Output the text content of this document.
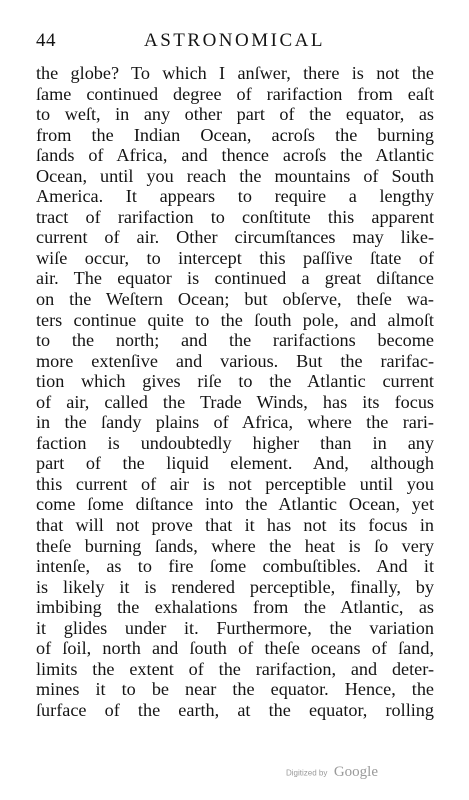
44	ASTRONOMICAL
the globe? To which I anſwer, there is not the
ſame continued degree of rarifaction from eaſt
to weſt, in any other part of the equator, as
from the Indian Ocean, acroſs the burning
ſands of Africa, and thence acroſs the Atlantic
Ocean, until you reach the mountains of South
America. It appears to require a lengthy
tract of rarifaction to conſtitute this apparent
current of air. Other circumſtances may like-
wiſe occur, to intercept this paſſive ſtate of
air. The equator is continued a great diſtance
on the Weſtern Ocean; but obſerve, theſe wa-
ters continue quite to the ſouth pole, and almoſt
to the north; and the rarifactions become
more extenſive and various. But the rarifac-
tion which gives riſe to the Atlantic current
of air, called the Trade Winds, has its focus
in the ſandy plains of Africa, where the rari-
faction is undoubtedly higher than in any
part of the liquid element. And, although
this current of air is not perceptible until you
come ſome diſtance into the Atlantic Ocean, yet
that will not prove that it has not its focus in
theſe burning ſands, where the heat is ſo very
intenſe, as to fire ſome combuſtibles. And it
is likely it is rendered perceptible, finally, by
imbibing the exhalations from the Atlantic, as
it glides under it. Furthermore, the variation
of ſoil, north and ſouth of theſe oceans of ſand,
limits the extent of the rarifaction, and deter-
mines it to be near the equator. Hence, the
ſurface of the earth, at the equator, rolling
Digitized by Google
